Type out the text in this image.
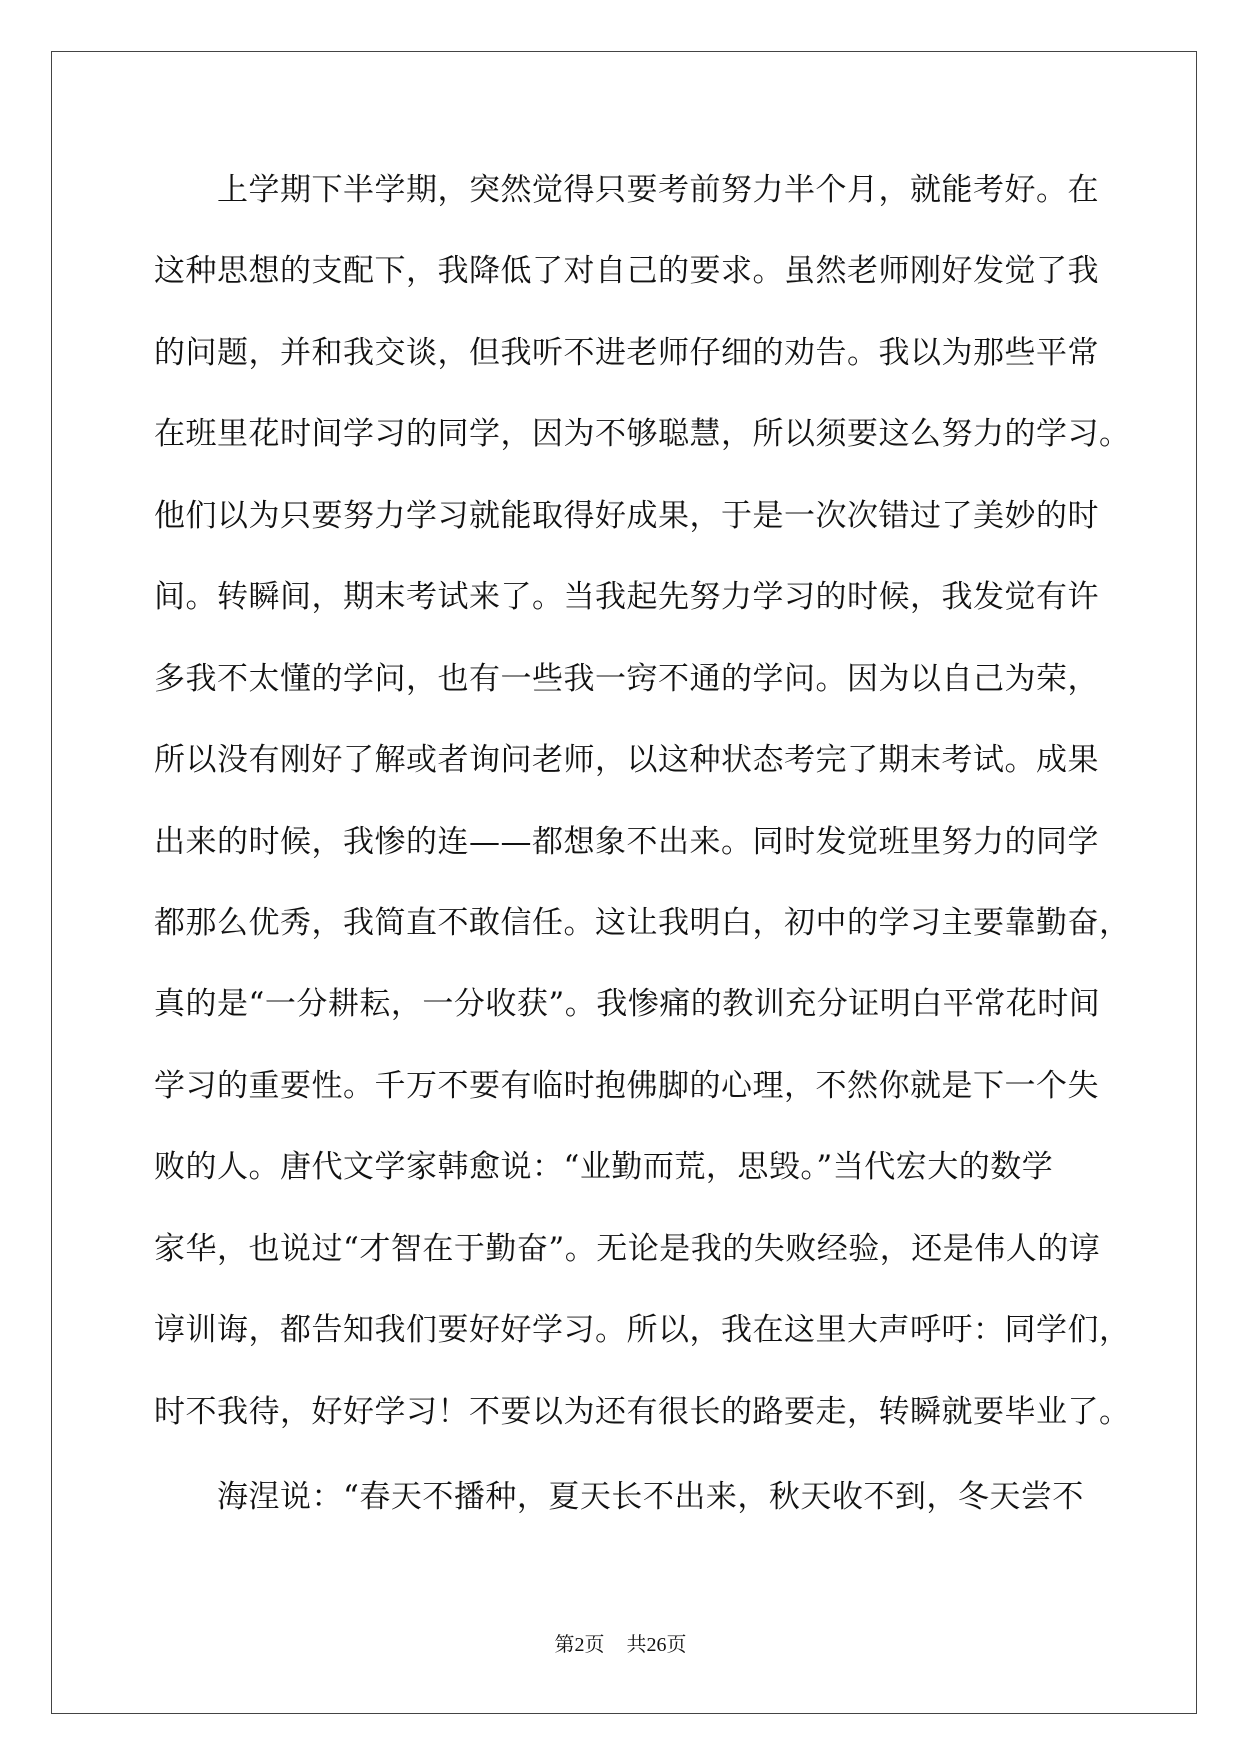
上学期下半学期，突然觉得只要考前努力半个月，就能考好。在
这种思想的支配下，我降低了对自己的要求。虽然老师刚好发觉了我
的问题，并和我交谈，但我听不进老师仔细的劝告。我以为那些平常
在班里花时间学习的同学，因为不够聪慧，所以须要这么努力的学习。
他们以为只要努力学习就能取得好成果，于是一次次错过了美妙的时
间。转瞬间，期末考试来了。当我起先努力学习的时候，我发觉有许
多我不太懂的学问，也有一些我一窍不通的学问。因为以自己为荣，
所以没有刚好了解或者询问老师，以这种状态考完了期末考试。成果
出来的时候，我惨的连——都想象不出来。同时发觉班里努力的同学
都那么优秀，我简直不敢信任。这让我明白，初中的学习主要靠勤奋，
真的是“一分耕耘，一分收获”。我惨痛的教训充分证明白平常花时间
学习的重要性。千万不要有临时抱佛脚的心理，不然你就是下一个失
败的人。唐代文学家韩愈说：“业勤而荒，思毁。”当代宏大的数学
家华，也说过“才智在于勤奋”。无论是我的失败经验，还是伟人的谆
谆训诲，都告知我们要好好学习。所以，我在这里大声呼吁：同学们，
时不我待，好好学习！不要以为还有很长的路要走，转瞬就要毕业了。
海涅说：“春天不播种，夏天长不出来，秋天收不到，冬天尝不
第2页 共26页
